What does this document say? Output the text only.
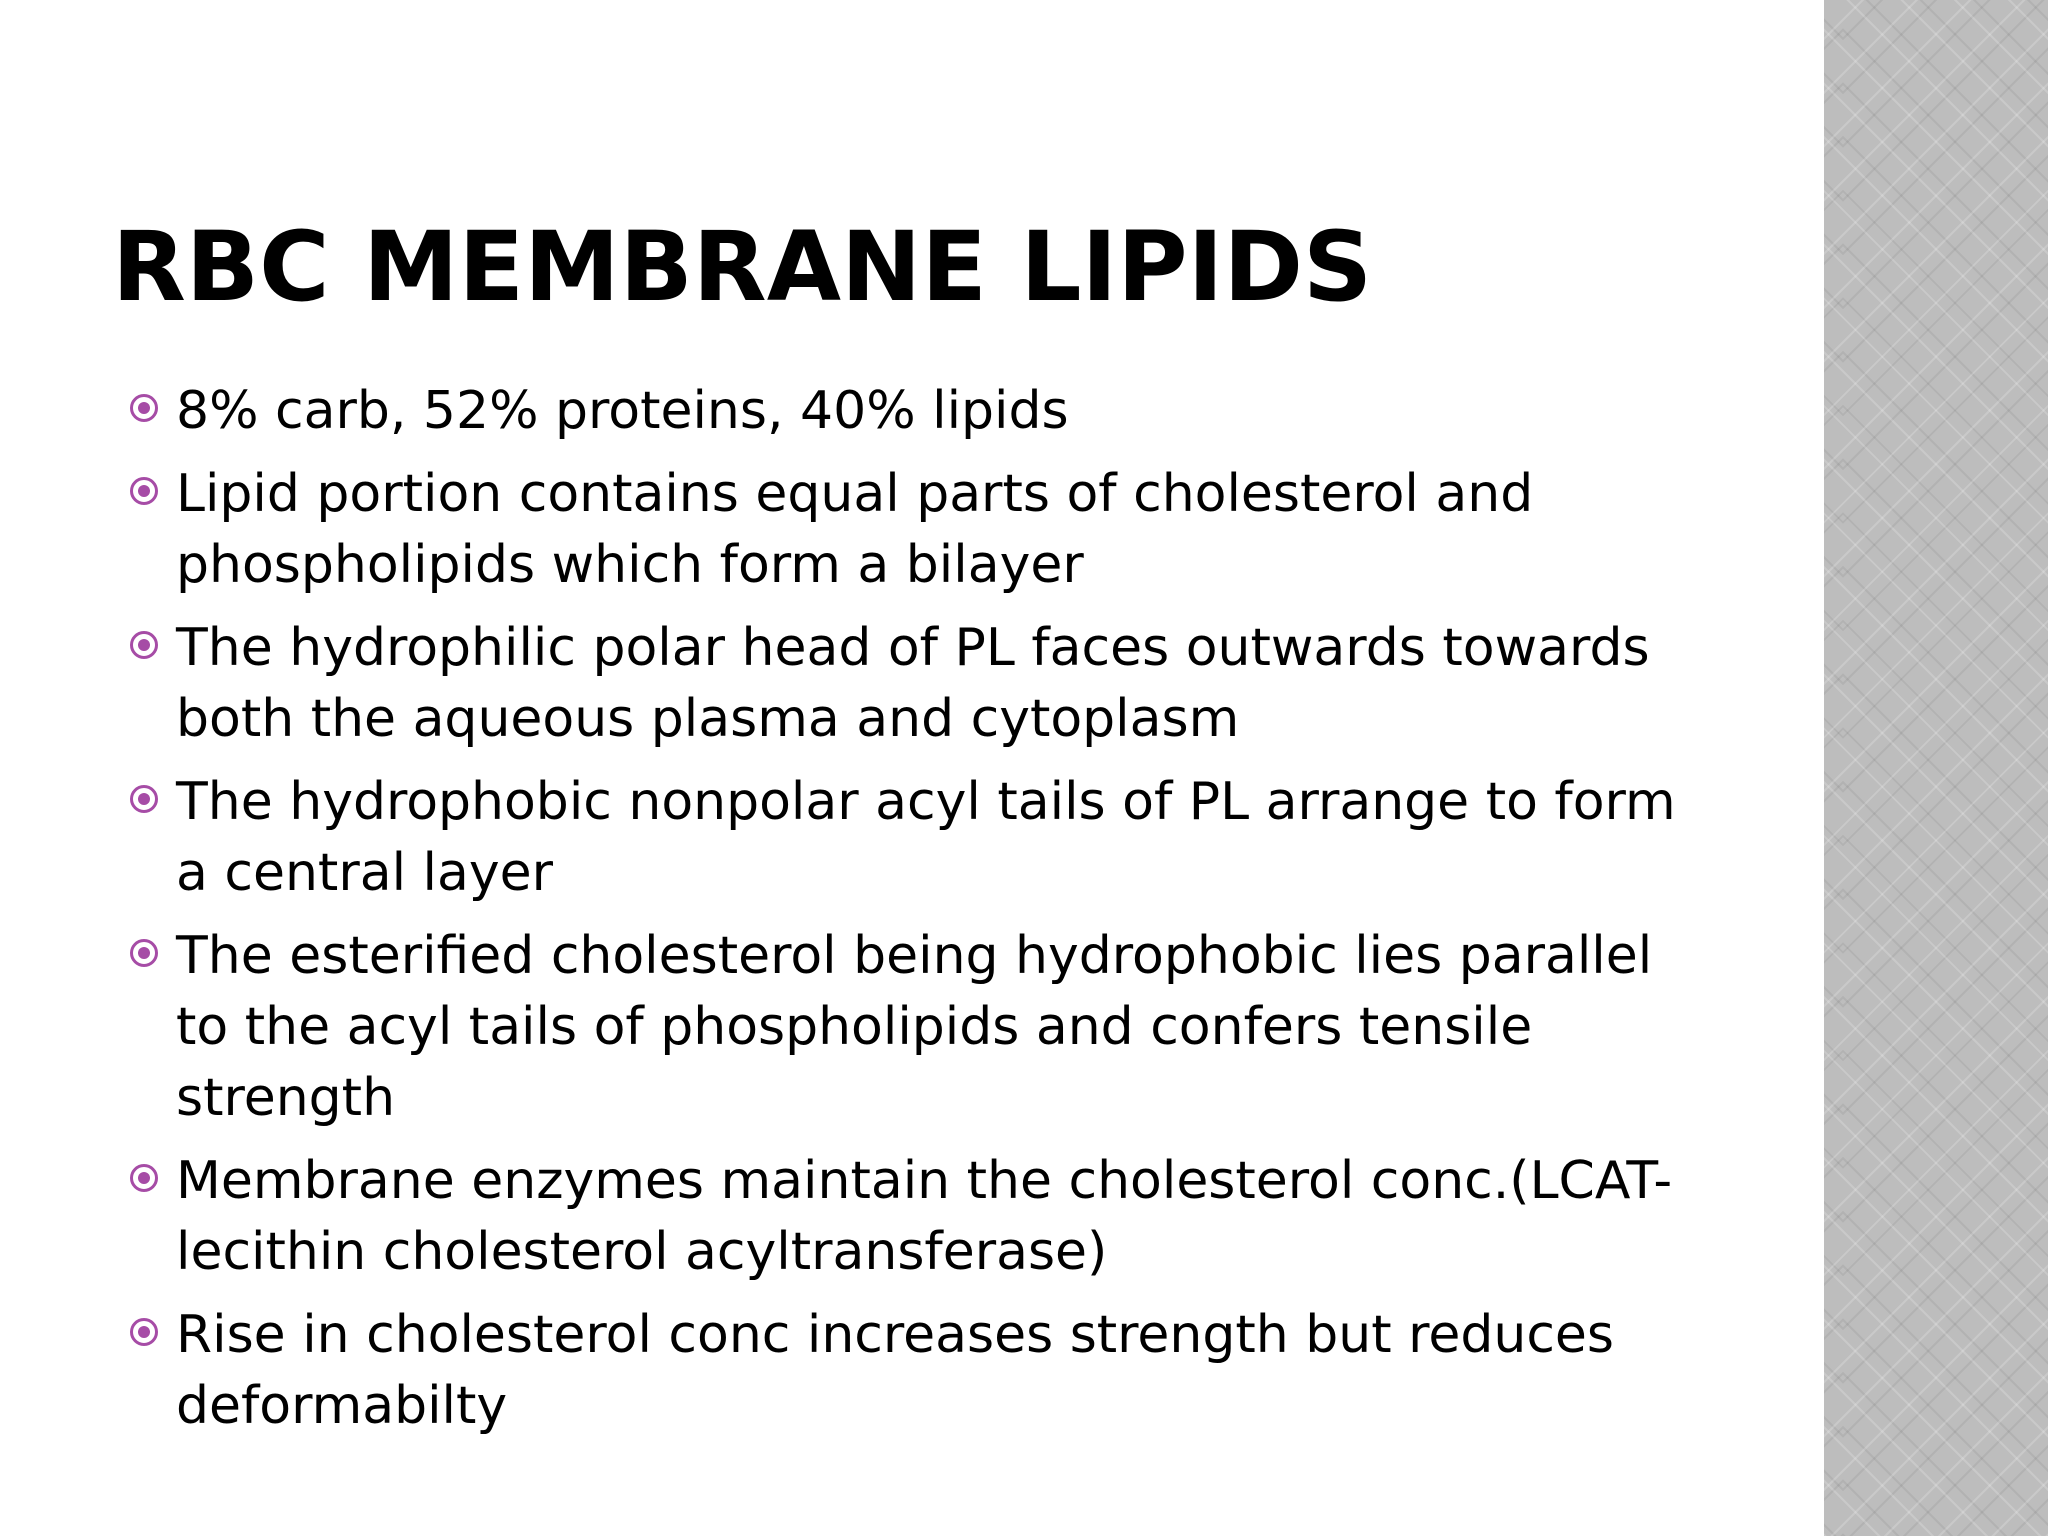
RBC MEMBRANE LIPIDS
8% carb, 52% proteins, 40% lipids
Lipid portion contains equal parts of cholesterol and phospholipids which form a bilayer
The hydrophilic polar head of PL faces outwards towards both the aqueous plasma and cytoplasm
The hydrophobic nonpolar acyl tails of PL arrange to form a central layer
The esterified cholesterol being hydrophobic lies parallel to the acyl tails of phospholipids and confers tensile strength
Membrane enzymes maintain the cholesterol conc.(LCAT-lecithin cholesterol acyltransferase)
Rise in cholesterol conc increases strength but reduces deformabilty
